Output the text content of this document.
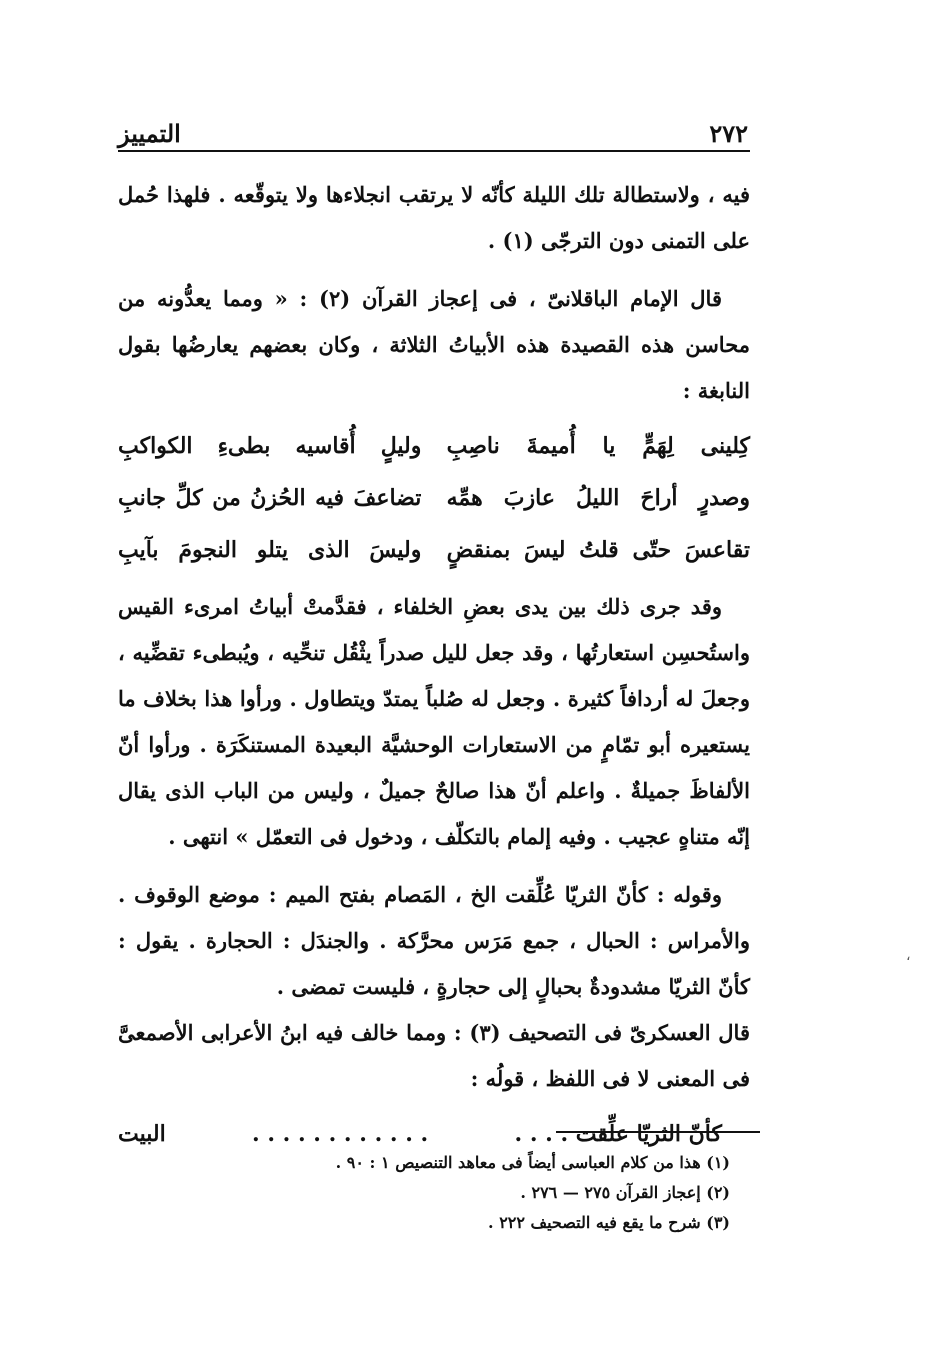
٢٧٢
التمييز

فيه ، ولاستطالة تلك الليلة كأنّه لا يرتقب انجلاءها ولا يتوقّعه . فلهذا حُمل على التمنى دون الترجّى (١) .

قال الإمام الباقلانىّ ، فى إعجاز القرآن (٢) : « ومما يعدُّونه من محاسن هذه القصيدة هذه الأبياتُ الثلاثة ، وكان بعضهم يعارضُها بقول النابغة :

كِلينى لِهَمٍّ يا أُميمةَ ناصِبِ
وليلٍ أُقاسيه بطىءِ الكواكبِ
وصدرٍ أراحَ الليلُ عازبَ همِّه
تضاعفَ فيه الحُزنُ من كلِّ جانبِ
تقاعسَ حتّى قلتُ ليسَ بمنقضٍ
وليسَ الذى يتلو النجومَ بآيبِ

وقد جرى ذلك بين يدى بعضِ الخلفاء ، فقدَّمتْ أبياتُ امرىء القيس واستُحسِن استعارتُها ، وقد جعل لليل صدراً يثْقُل تنحِّيه ، ويُبطىء تقضِّيه ، وجعلَ له أردافاً كثيرة . وجعل له صُلباً يمتدّ ويتطاول . ورأوا هذا بخلاف ما يستعيره أبو تمّامٍ من الاستعارات الوحشيَّة البعيدة المستنكَرَة . ورأوا أنّ الألفاظَ جميلةٌ . واعلم أنّ هذا صالحٌ جميلٌ ، وليس من الباب الذى يقال إنّه متناهٍ عجيب . وفيه إلمام بالتكلّف ، ودخول فى التعمّل » انتهى .

وقوله : كأنّ الثريّا عُلِّقت الخ ، المَصام بفتح الميم : موضع الوقوف . والأمراس : الحبال ، جمع مَرَس محرَّكة . والجندَل : الحجارة . يقول : كأنّ الثريّا مشدودةٌ بحبالٍ إلى حجارةٍ ، فليست تمضى .

قال العسكرىّ فى التصحيف (٣) : ومما خالف فيه ابنُ الأعرابى الأصمعىَّ فى المعنى لا فى اللفظ ، قولُه :

كأنّ الثريّا علِّقت . . . .
. . . . . . . . . . . .
البيت

(١) هذا من كلام العباسى أيضاً فى معاهد التنصيص ١ : ٩٠ .

(٢) إعجاز القرآن ٢٧٥ — ٢٧٦ .

(٣) شرح ما يقع فيه التصحيف ٢٢٢ .

،
